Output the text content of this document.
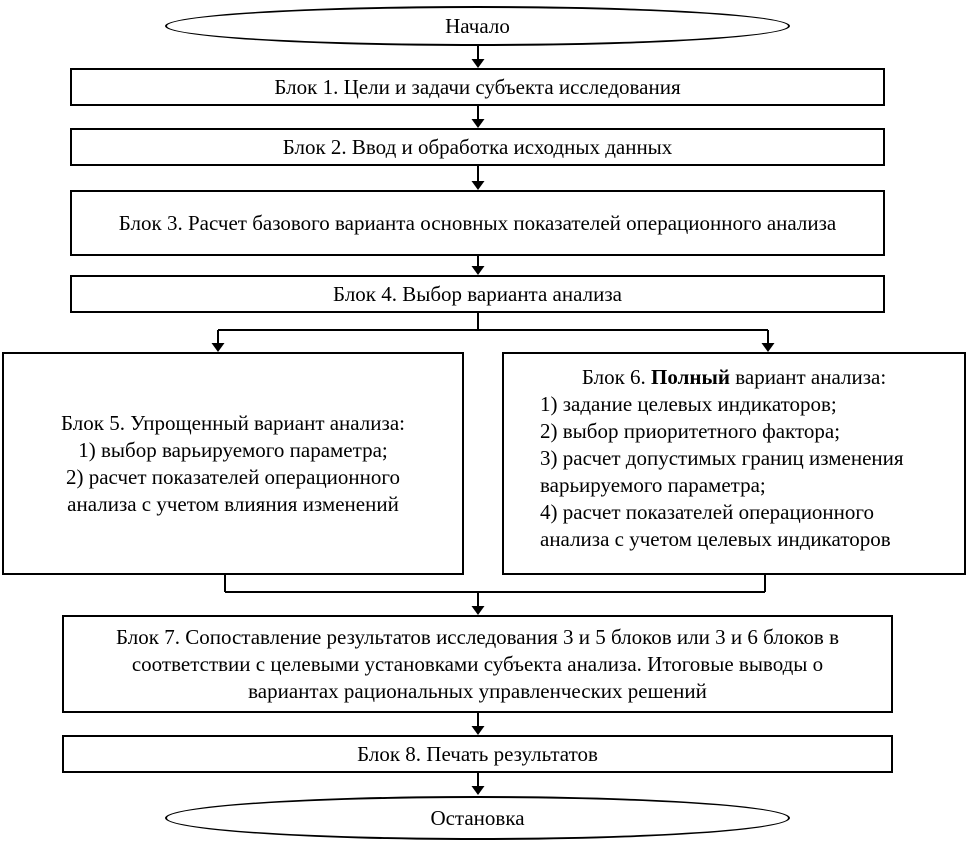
Начало
Блок 1. Цели и задачи субъекта исследования
Блок 2. Ввод и обработка исходных данных
Блок 3. Расчет базового варианта основных показателей операционного анализа
Блок 4. Выбор варианта анализа
Блок 5. Упрощенный вариант анализа:
1) выбор варьируемого параметра;
2) расчет показателей операционного анализа с учетом влияния изменений
Блок 6. Полный вариант анализа:
1) задание целевых индикаторов;
2) выбор приоритетного фактора;
3) расчет допустимых границ изменения варьируемого параметра;
4) расчет показателей операционного анализа с учетом целевых индикаторов
Блок 7. Сопоставление результатов исследования 3 и 5 блоков или 3 и 6 блоков в соответствии с целевыми установками субъекта анализа. Итоговые выводы о вариантах рациональных управленческих решений
Блок 8. Печать результатов
Остановка
